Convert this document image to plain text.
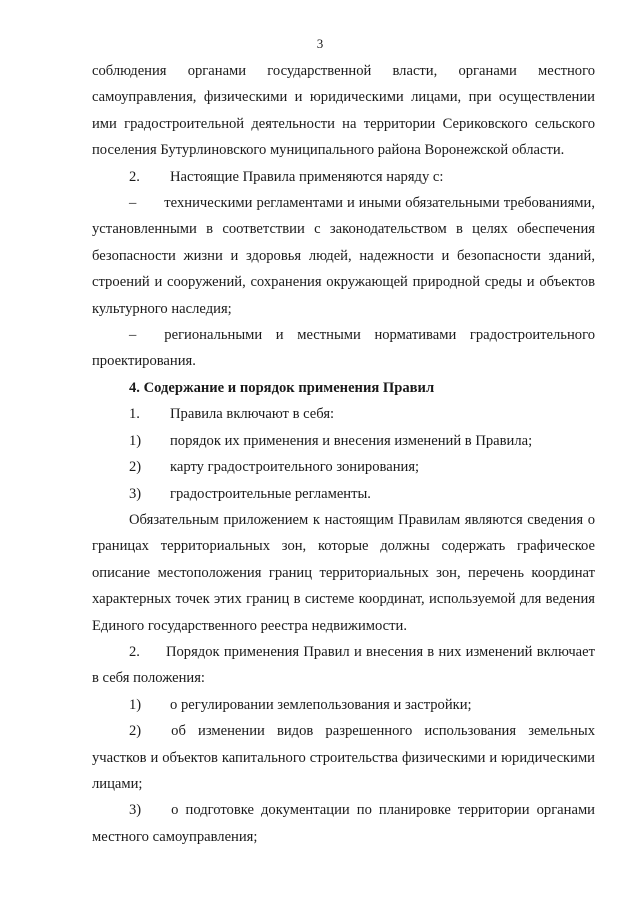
3

соблюдения органами государственной власти, органами местного самоуправления, физическими и юридическими лицами, при осуществлении ими градостроительной деятельности на территории Сериковского сельского поселения Бутурлиновского муниципального района Воронежской области.

2.	Настоящие Правила применяются наряду с:

– техническими регламентами и иными обязательными требованиями, установленными в соответствии с законодательством в целях обеспечения безопасности жизни и здоровья людей, надежности и безопасности зданий, строений и сооружений, сохранения окружающей природной среды и объектов культурного наследия;

– региональными и местными нормативами градостроительного проектирования.

4. Содержание и порядок применения Правил

1.	Правила включают в себя:
1)	порядок их применения и внесения изменений в Правила;
2)	карту градостроительного зонирования;
3)	градостроительные регламенты.

Обязательным приложением к настоящим Правилам являются сведения о границах территориальных зон, которые должны содержать графическое описание местоположения границ территориальных зон, перечень координат характерных точек этих границ в системе координат, используемой для ведения Единого государственного реестра недвижимости.

2. Порядок применения Правил и внесения в них изменений включает в себя положения:

1)	о регулировании землепользования и застройки;

2) об изменении видов разрешенного использования земельных участков и объектов капитального строительства физическими и юридическими лицами;

3) о подготовке документации по планировке территории органами местного самоуправления;
